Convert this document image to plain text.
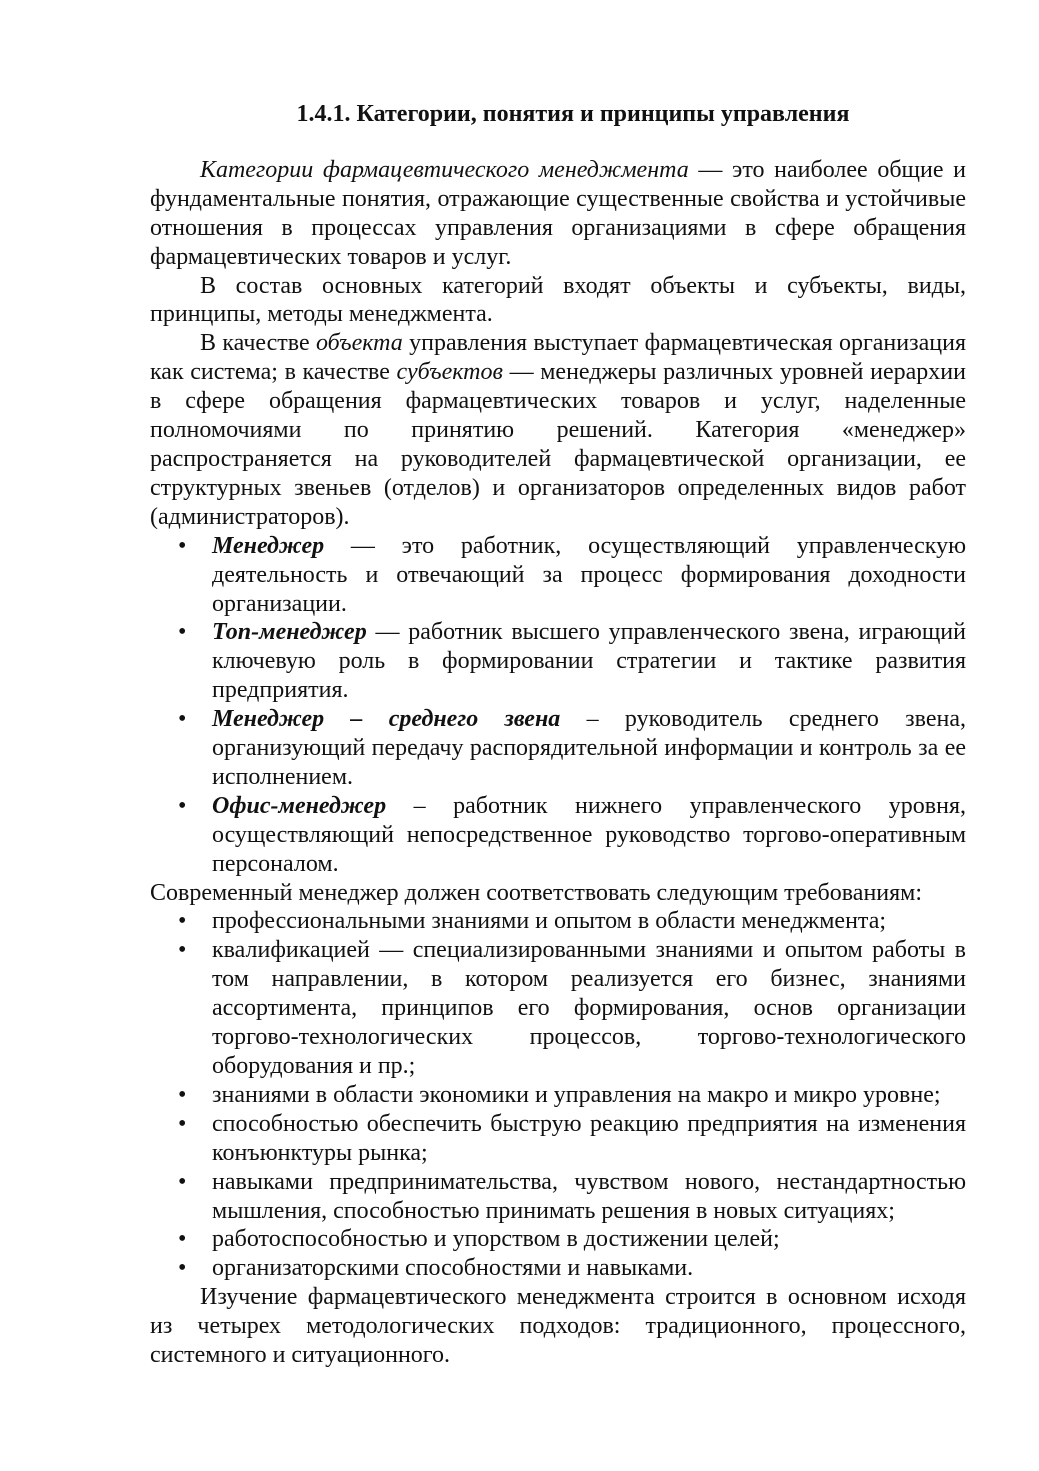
1.4.1. Категории, понятия и принципы управления

Категории фармацевтического менеджмента — это наиболее общие и фундаментальные понятия, отражающие существенные свойства и устойчивые отношения в процессах управления организациями в сфере обращения фармацевтических товаров и услуг.

В состав основных категорий входят объекты и субъекты, виды, принципы, методы менеджмента.

В качестве объекта управления выступает фармацевтическая организация как система; в качестве субъектов — менеджеры различных уровней иерархии в сфере обращения фармацевтических товаров и услуг, наделенные полномочиями по принятию решений. Категория «менеджер» распространяется на руководителей фармацевтической организации, ее структурных звеньев (отделов) и организаторов определенных видов работ (администраторов).

• Менеджер — это работник, осуществляющий управленческую деятельность и отвечающий за процесс формирования доходности организации.
• Топ-менеджер — работник высшего управленческого звена, играющий ключевую роль в формировании стратегии и тактике развития предприятия.
• Менеджер – среднего звена – руководитель среднего звена, организующий передачу распорядительной информации и контроль за ее исполнением.
• Офис-менеджер – работник нижнего управленческого уровня, осуществляющий непосредственное руководство торгово-оперативным персоналом.

Современный менеджер должен соответствовать следующим требованиям:

• профессиональными знаниями и опытом в области менеджмента;
• квалификацией — специализированными знаниями и опытом работы в том направлении, в котором реализуется его бизнес, знаниями ассортимента, принципов его формирования, основ организации торгово-технологических процессов, торгово-технологического оборудования и пр.;
• знаниями в области экономики и управления на макро и микро уровне;
• способностью обеспечить быструю реакцию предприятия на изменения конъюнктуры рынка;
• навыками предпринимательства, чувством нового, нестандартностью мышления, способностью принимать решения в новых ситуациях;
• работоспособностью и упорством в достижении целей;
• организаторскими способностями и навыками.

Изучение фармацевтического менеджмента строится в основном исходя из четырех методологических подходов: традиционного, процессного, системного и ситуационного.
